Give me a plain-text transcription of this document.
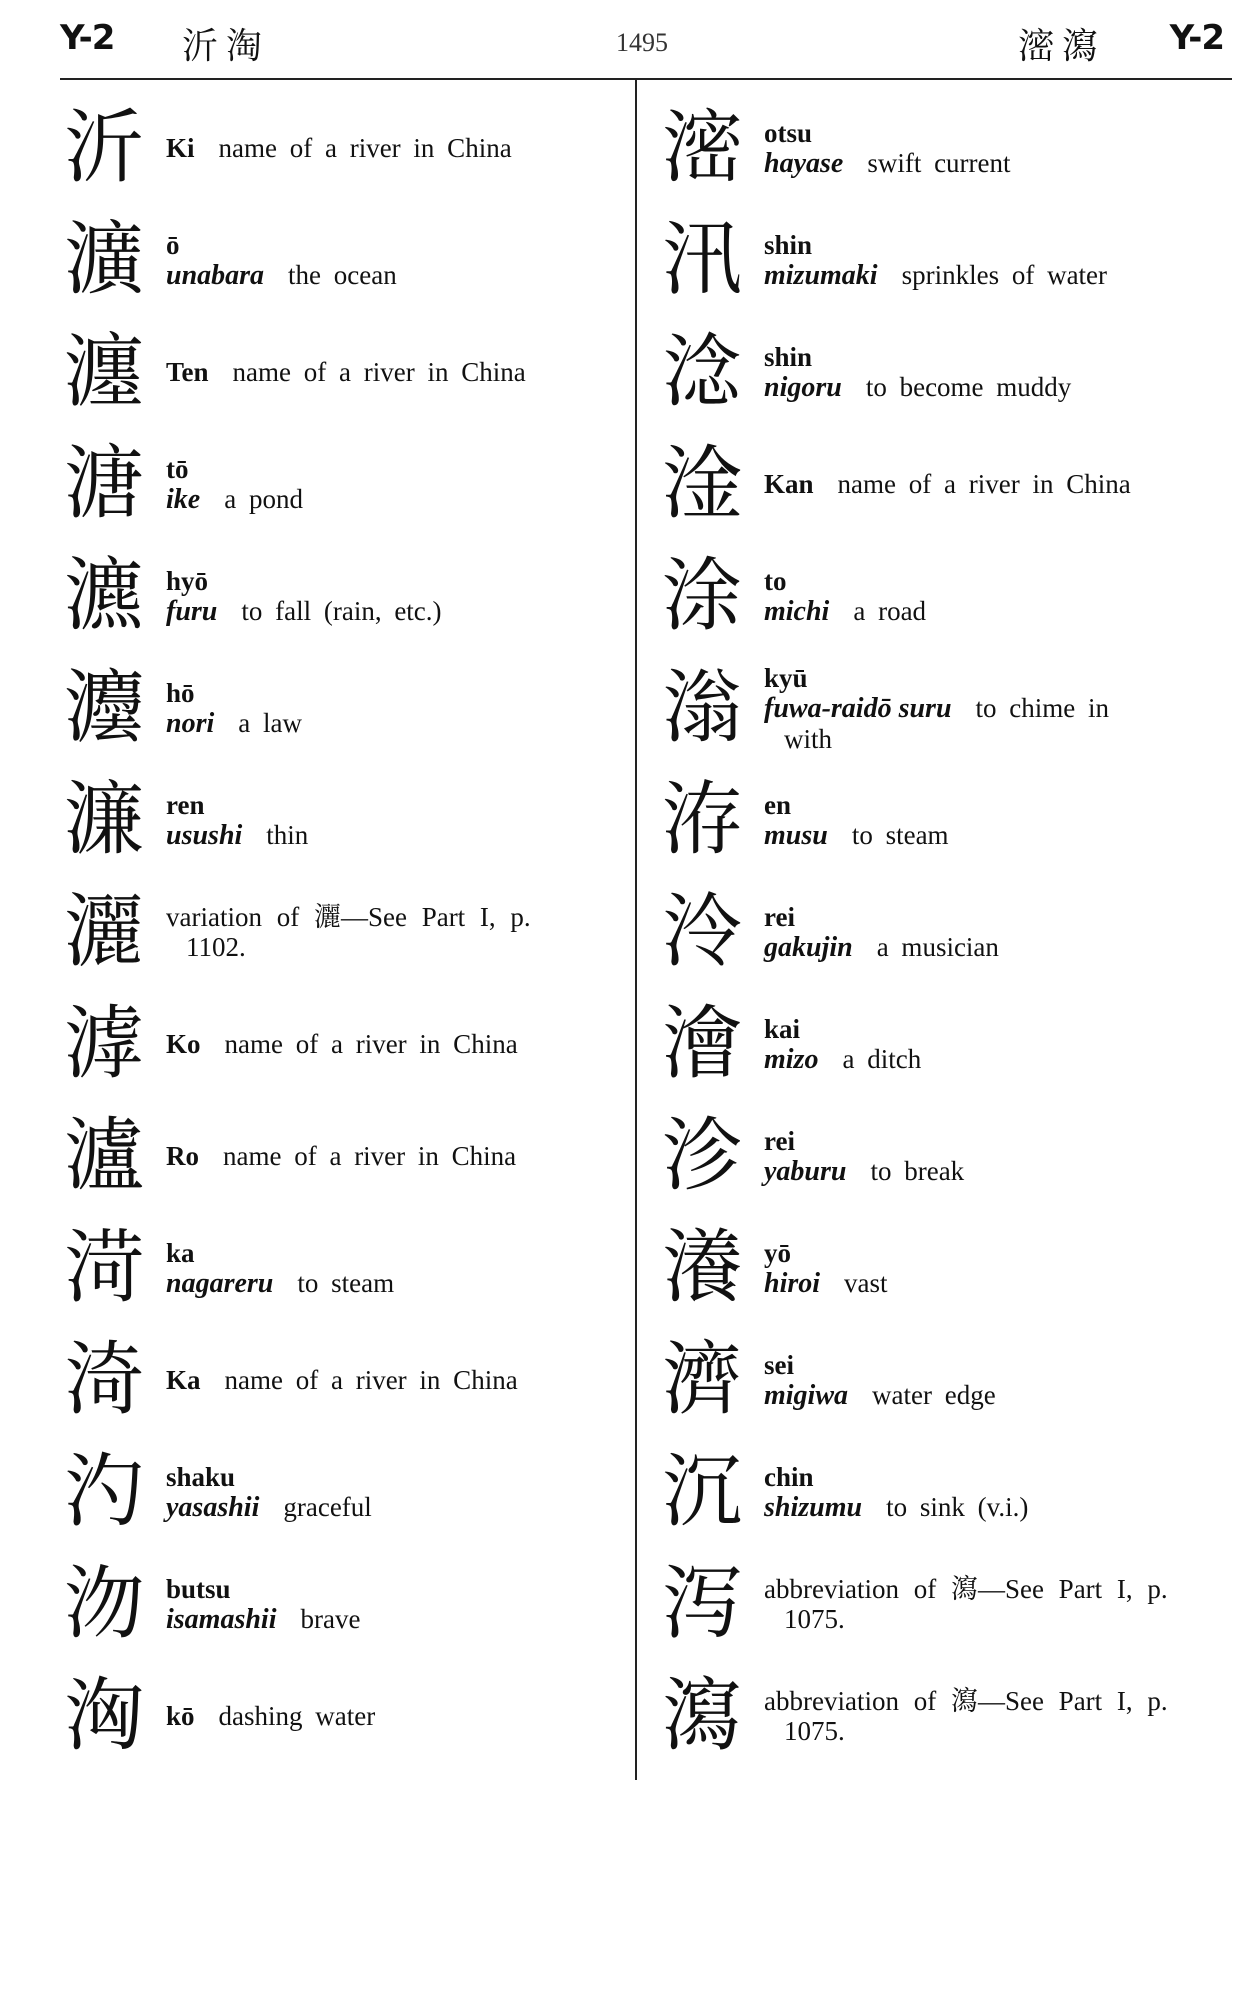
Y-2 沂淘	1495	滵瀉 Y-2
沂 Ki name of a river in China
瀇 ō
unabara the ocean
瀍 Ten name of a river in China
溏 tō
ike a pond
瀌 hyō
furu to fall (rain, etc.)
灋 hō
nori a law
濂 ren
usushi thin
灑 variation of 灑—See Part I, p.
1102.
滹 Ko name of a river in China
瀘 Ro name of a river in China
渮 ka
nagareru to steam
渏 Ka name of a river in China
汋 shaku
yasashii graceful
沕 butsu
isamashii brave
洶 kō dashing water
滵 otsu
hayase swift current
汛 shin
mizumaki sprinkles of water
淰 shin
nigoru to become muddy
淦 Kan name of a river in China
涂 to
michi a road
滃 kyū
fuwa-raidō suru to chime in
with
洊 en
musu to steam
泠 rei
gakujin a musician
澮 kai
mizo a ditch
沴 rei
yaburu to break
瀁 yō
hiroi vast
濟 sei
migiwa water edge
沉 chin
shizumu to sink (v.i.)
泻 abbreviation of 瀉—See Part I, p.
1075.
瀉 abbreviation of 瀉—See Part I, p.
1075.
